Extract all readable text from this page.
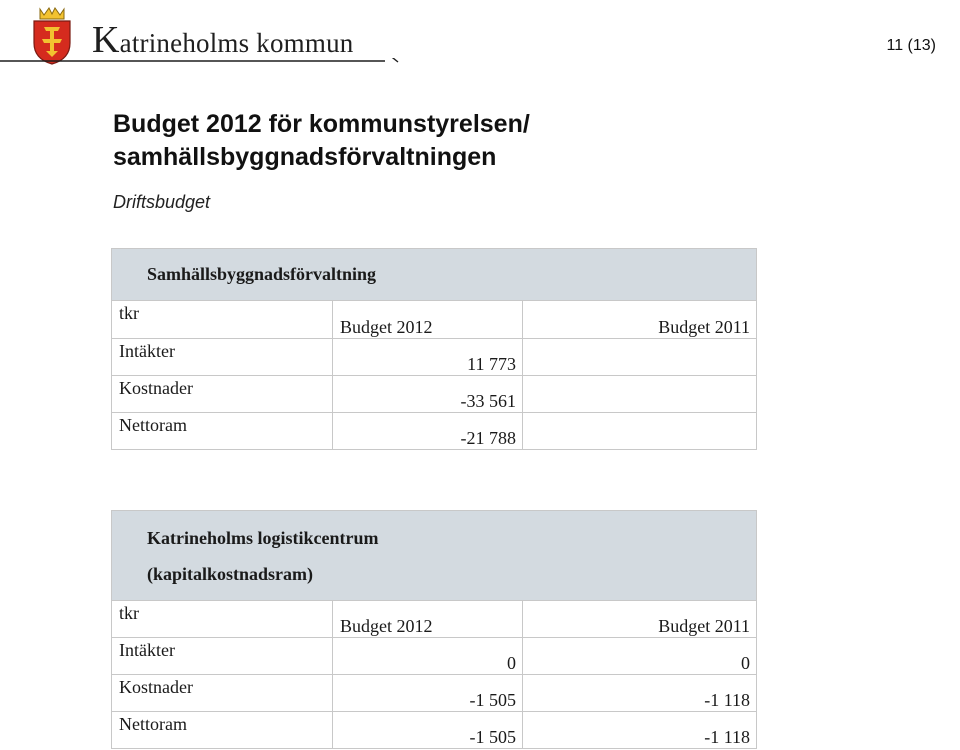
Katrineholms kommun	11 (13)
Budget 2012 för kommunstyrelsen/
samhällsbyggnadsförvaltningen
Driftsbudget
Samhällsbyggnadsförvaltning		
tkr	Budget 2012	Budget 2011
Intäkter	11 773	
Kostnader	-33 561	
Nettoram	-21 788	
Katrineholms logistikcentrum
(kapitalkostnadsram)		
tkr	Budget 2012	Budget 2011
Intäkter	0	0
Kostnader	-1 505	-1 118
Nettoram	-1 505	-1 118
